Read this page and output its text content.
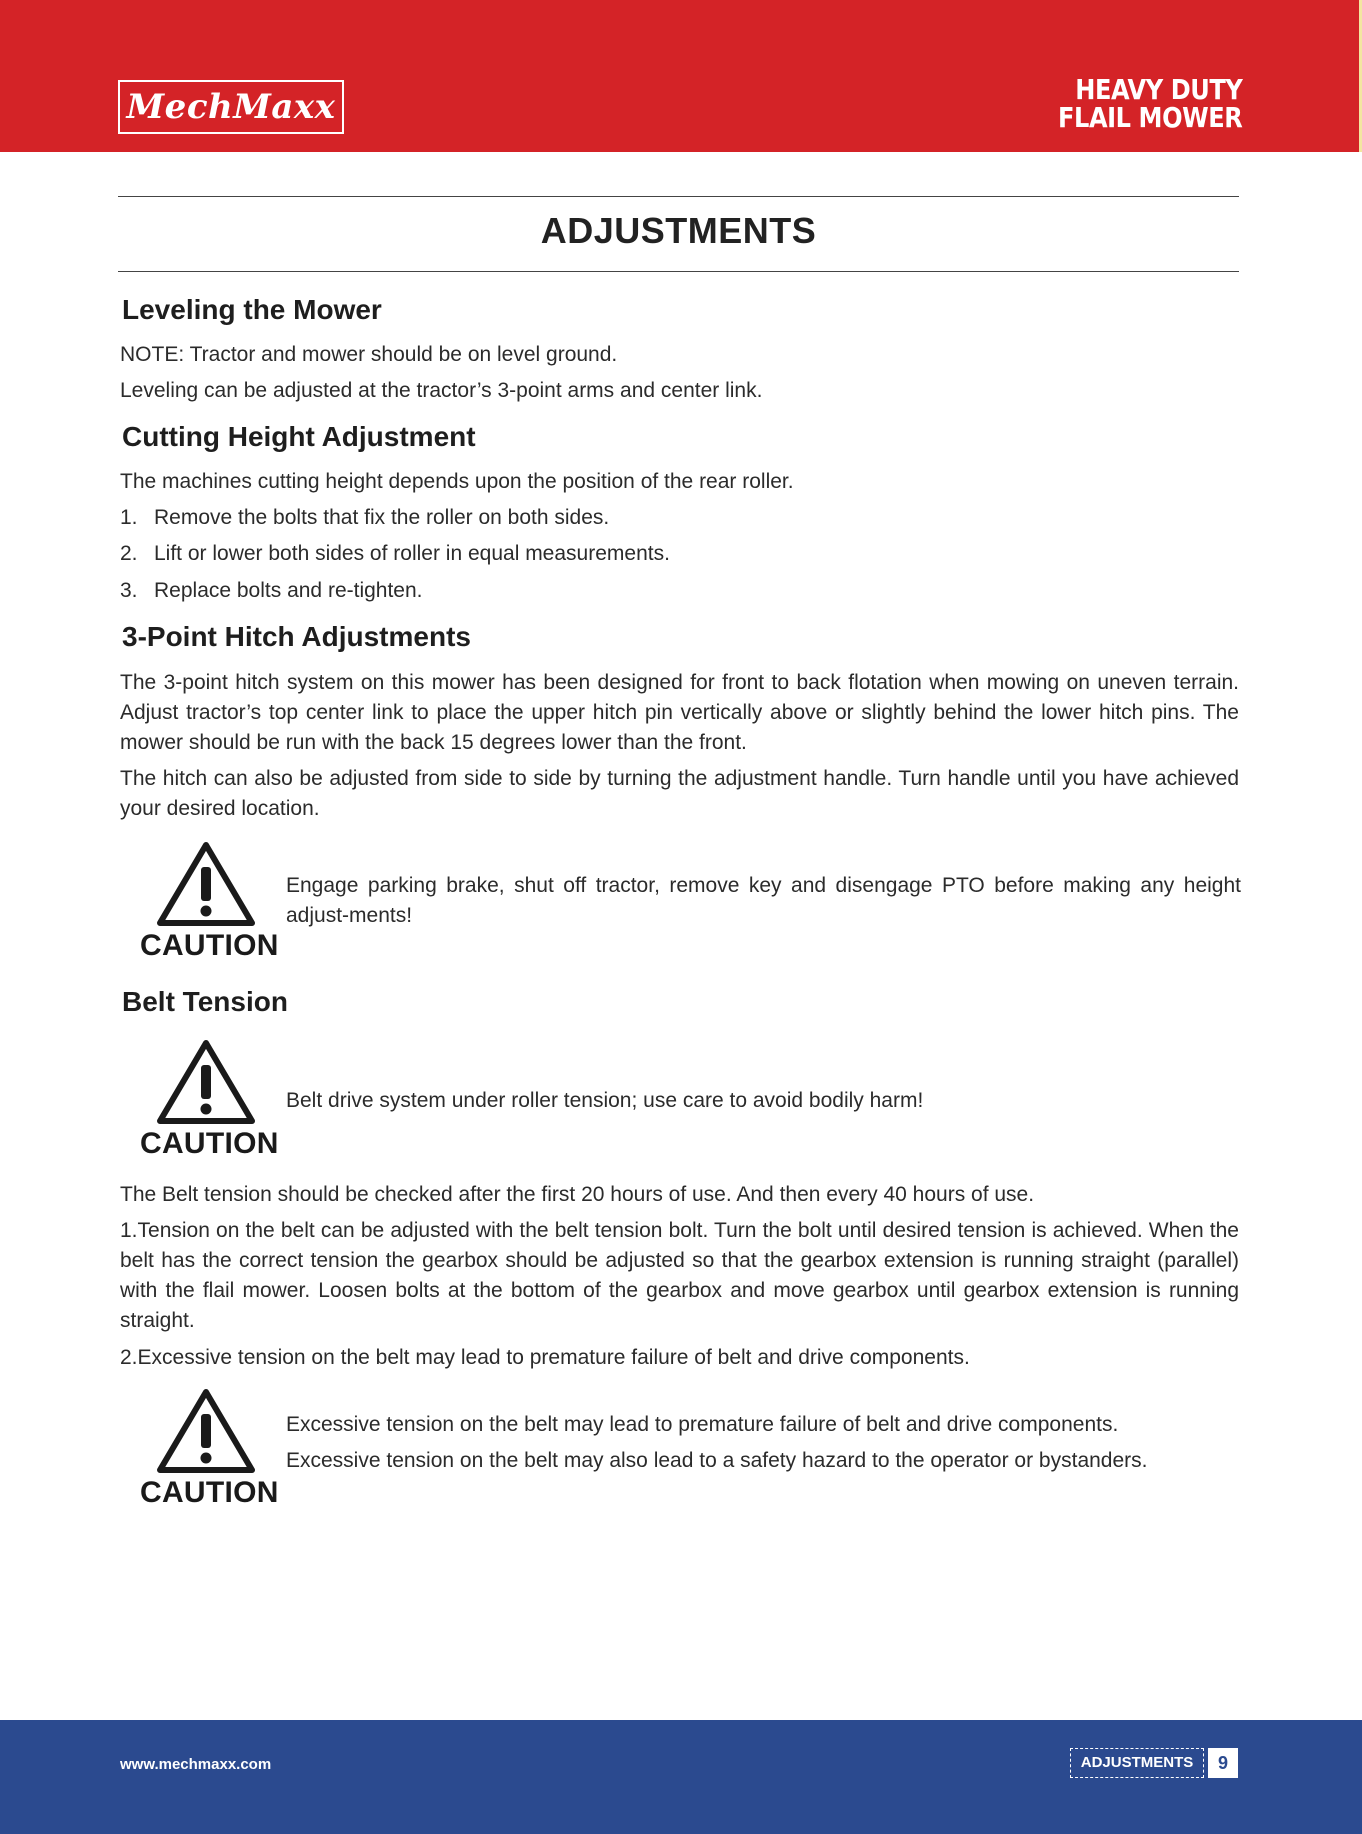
MechMaxx	HEAVY DUTY
FLAIL MOWER
ADJUSTMENTS
Leveling the Mower
NOTE: Tractor and mower should be on level ground.
Leveling can be adjusted at the tractor’s 3-point arms and center link.
Cutting Height Adjustment
The machines cutting height depends upon the position of the rear roller.
1. Remove the bolts that fix the roller on both sides.
2. Lift or lower both sides of roller in equal measurements.
3. Replace bolts and re-tighten.
3-Point Hitch Adjustments
The 3-point hitch system on this mower has been designed for front to back flotation when mowing on uneven terrain. Adjust tractor’s top center link to place the upper hitch pin vertically above or slightly behind the lower hitch pins. The mower should be run with the back 15 degrees lower than the front.
The hitch can also be adjusted from side to side by turning the adjustment handle. Turn handle until you have achieved your desired location.
CAUTION
Engage parking brake, shut off tractor, remove key and disengage PTO before making any height adjust-ments!
Belt Tension
CAUTION
Belt drive system under roller tension; use care to avoid bodily harm!
The Belt tension should be checked after the first 20 hours of use. And then every 40 hours of use.
1.Tension on the belt can be adjusted with the belt tension bolt. Turn the bolt until desired tension is achieved. When the belt has the correct tension the gearbox should be adjusted so that the gearbox extension is running straight (parallel) with the flail mower. Loosen bolts at the bottom of the gearbox and move gearbox until gearbox extension is running straight.
2.Excessive tension on the belt may lead to premature failure of belt and drive components.
CAUTION
Excessive tension on the belt may lead to premature failure of belt and drive components.
Excessive tension on the belt may also lead to a safety hazard to the operator or bystanders.
www.mechmaxx.com	ADJUSTMENTS	9
